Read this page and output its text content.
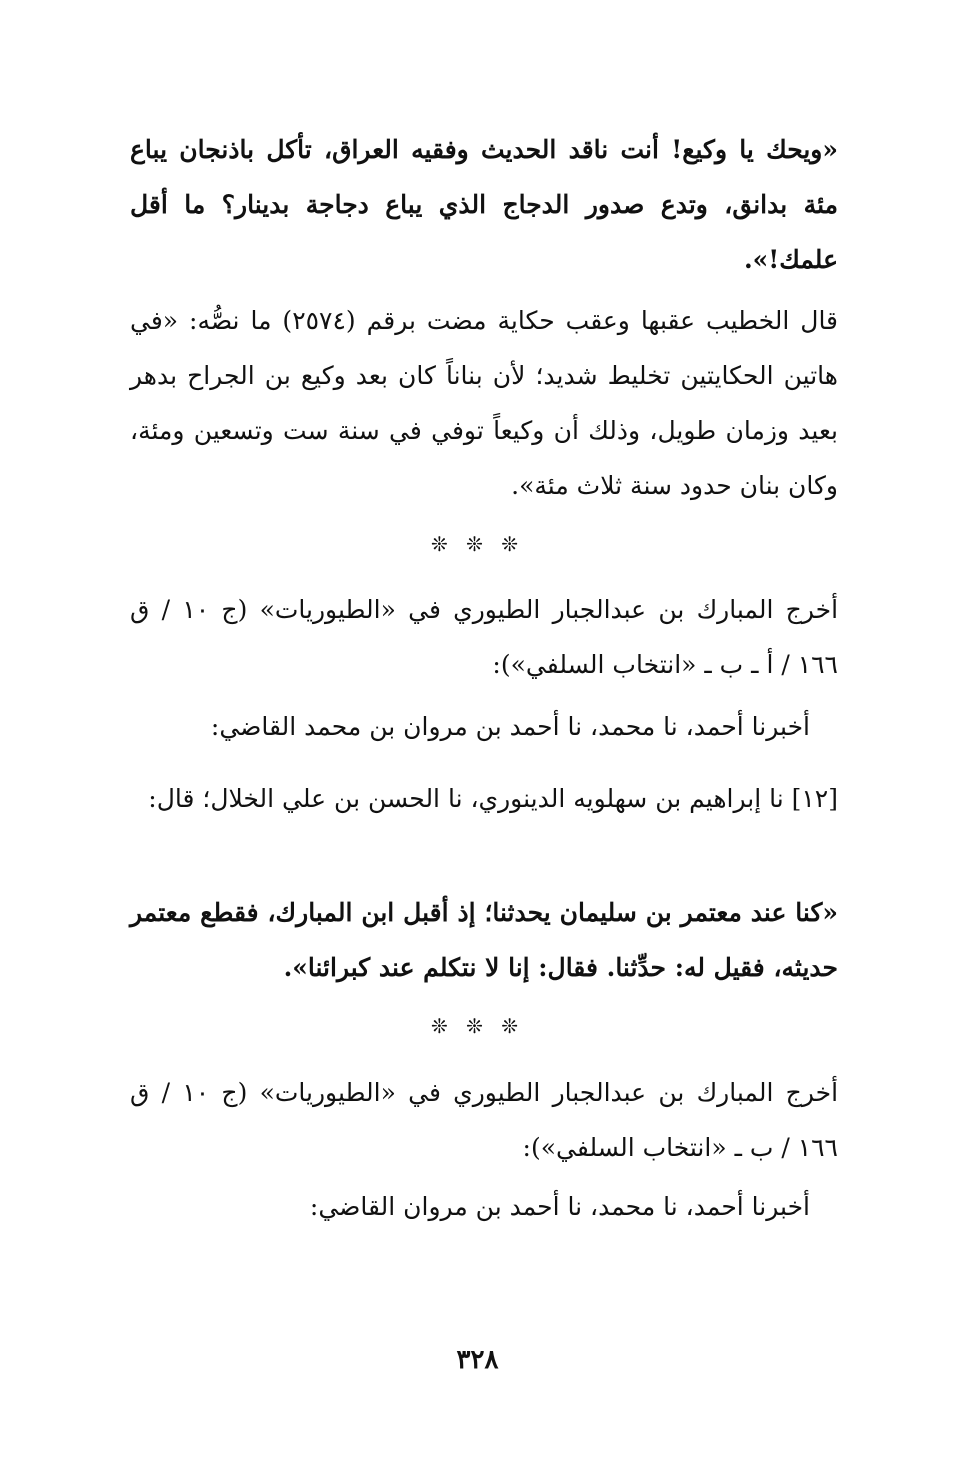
«ويحك يا وكيع! أنت ناقد الحديث وفقيه العراق، تأكل باذنجان يباع مئة بدانق، وتدع صدور الدجاج الذي يباع دجاجة بدينار؟ ما أقل علمك!».

قال الخطيب عقبها وعقب حكاية مضت برقم (٢٥٧٤) ما نصُّه: «في هاتين الحكايتين تخليط شديد؛ لأن بناناً كان بعد وكيع بن الجراح بدهر بعيد وزمان طويل، وذلك أن وكيعاً توفي في سنة ست وتسعين ومئة، وكان بنان حدود سنة ثلاث مئة».

❊ ❊ ❊

أخرج المبارك بن عبدالجبار الطيوري في «الطيوريات» (ج ١٠ / ق ١٦٦ / أ ـ ب ـ «انتخاب السلفي»):

أخبرنا أحمد، نا محمد، نا أحمد بن مروان بن محمد القاضي:

[١٢] نا إبراهيم بن سهلويه الدينوري، نا الحسن بن علي الخلال؛ قال:

«كنا عند معتمر بن سليمان يحدثنا؛ إذ أقبل ابن المبارك، فقطع معتمر حديثه، فقيل له: حدِّثنا. فقال: إنا لا نتكلم عند كبرائنا».

❊ ❊ ❊

أخرج المبارك بن عبدالجبار الطيوري في «الطيوريات» (ج ١٠ / ق ١٦٦ / ب ـ «انتخاب السلفي»):

أخبرنا أحمد، نا محمد، نا أحمد بن مروان القاضي:

٣٢٨
